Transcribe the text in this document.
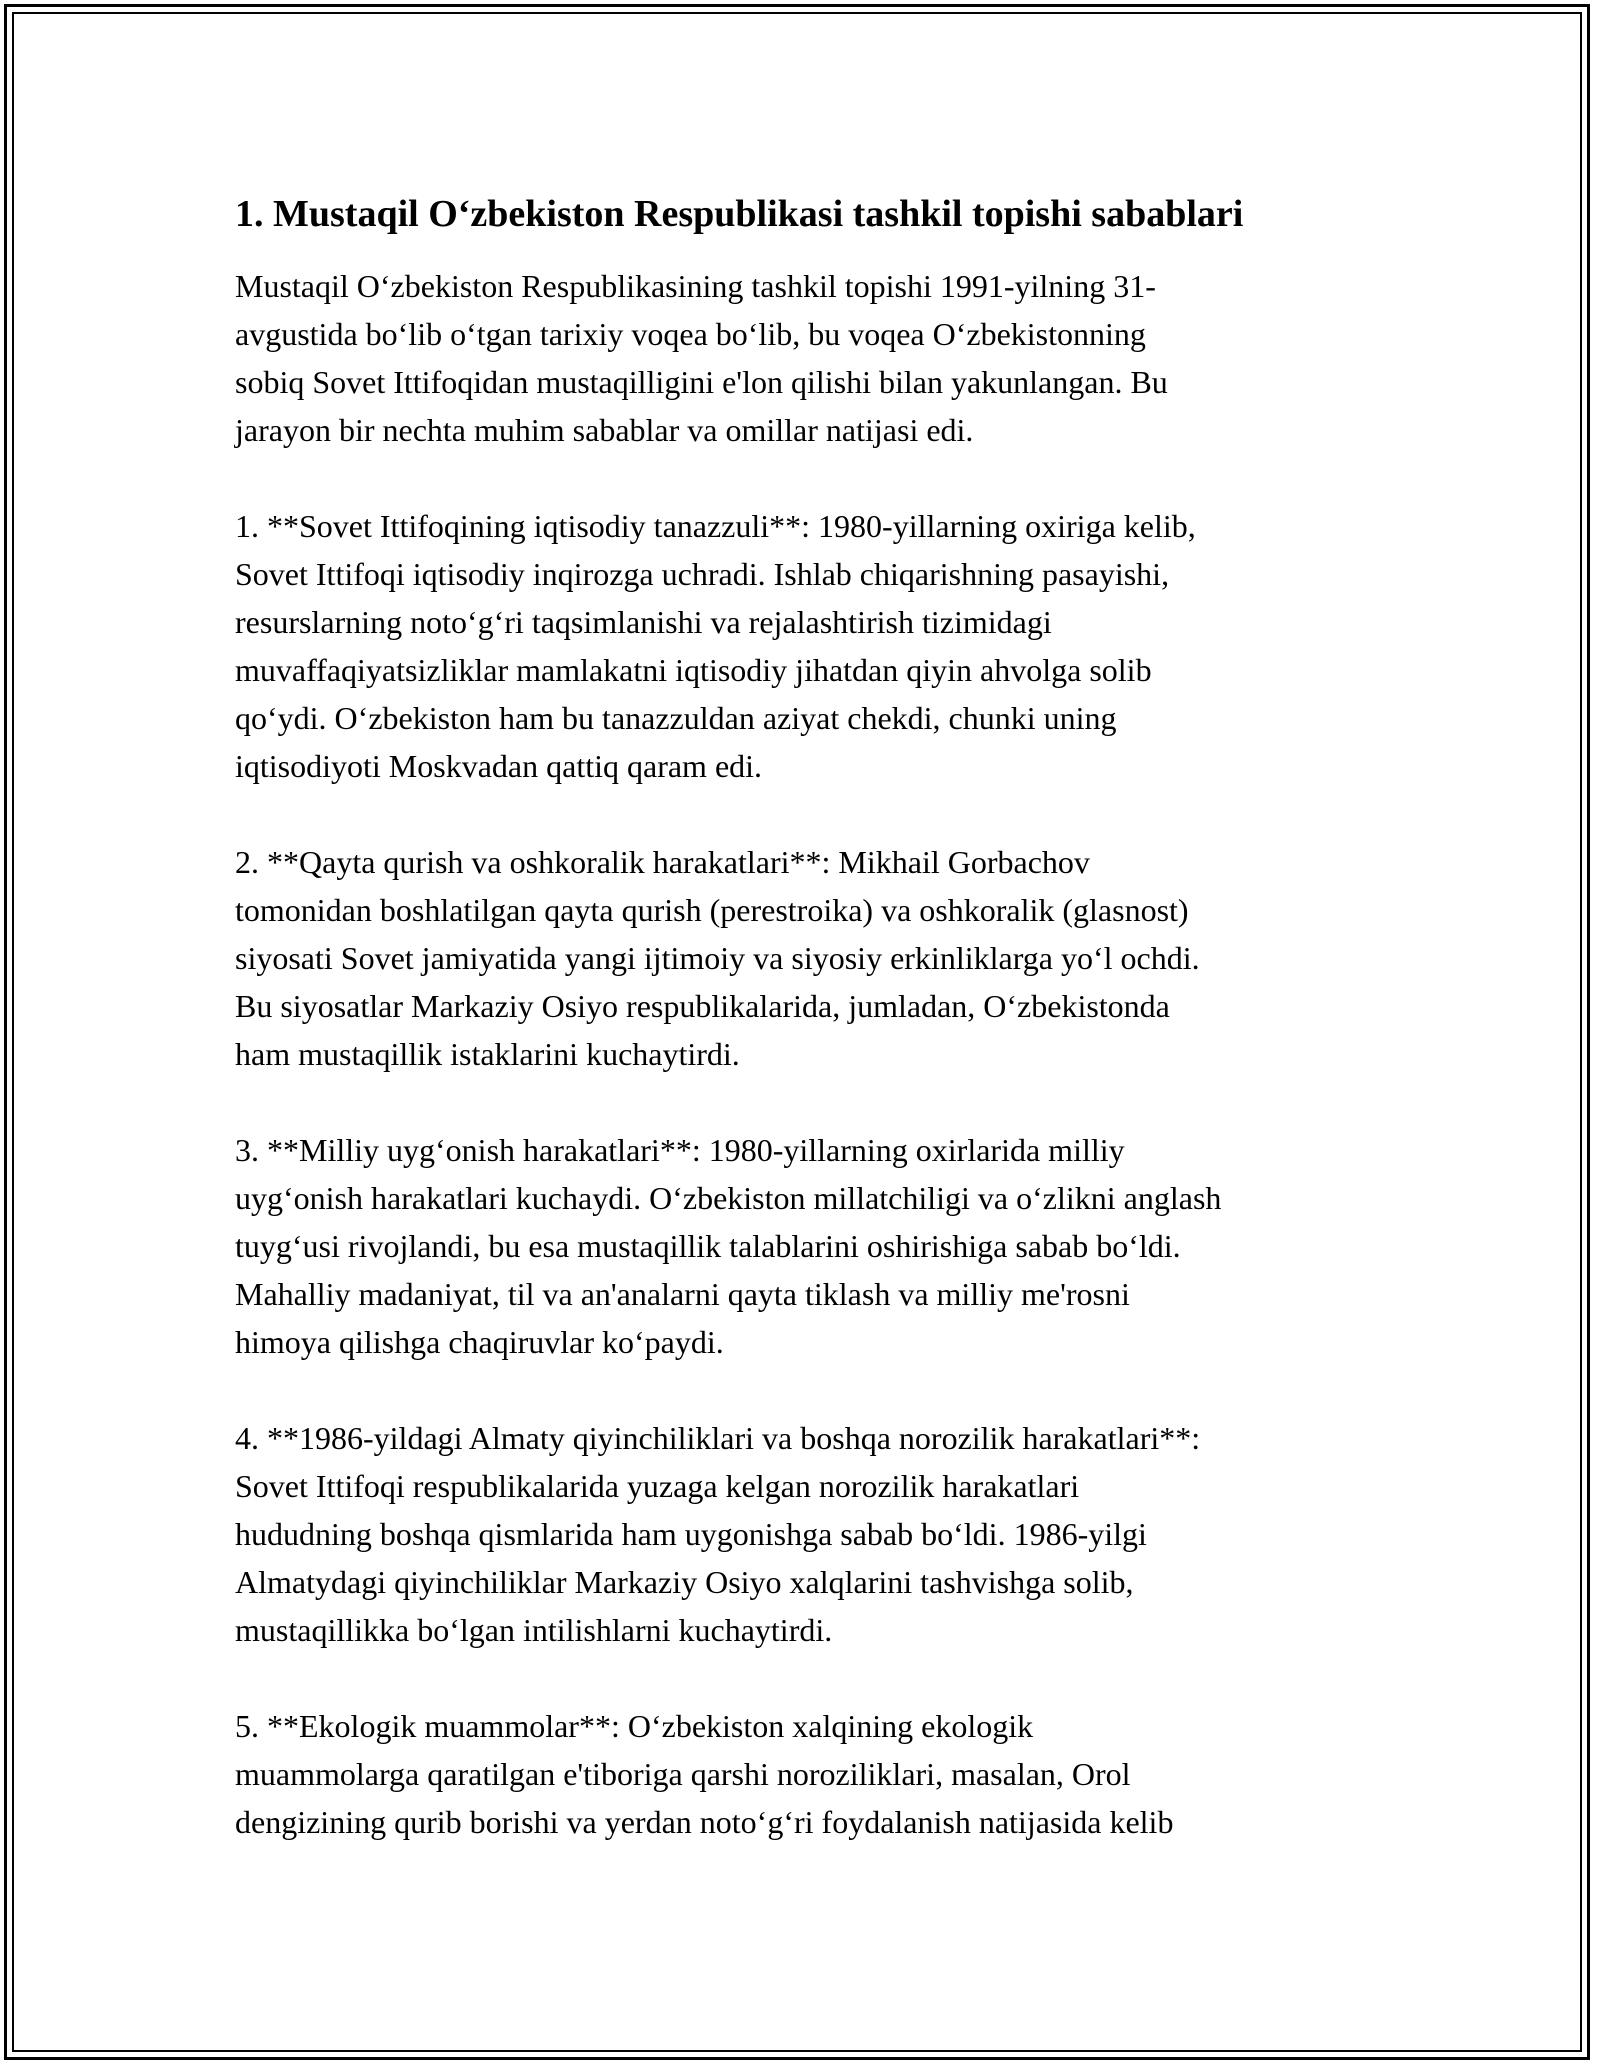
1. Mustaqil O‘zbekiston Respublikasi tashkil topishi sabablari

Mustaqil O‘zbekiston Respublikasining tashkil topishi 1991-yilning 31-
avgustida bo‘lib o‘tgan tarixiy voqea bo‘lib, bu voqea O‘zbekistonning
sobiq Sovet Ittifoqidan mustaqilligini e'lon qilishi bilan yakunlangan. Bu
jarayon bir nechta muhim sabablar va omillar natijasi edi.

1. **Sovet Ittifoqining iqtisodiy tanazzuli**: 1980-yillarning oxiriga kelib,
Sovet Ittifoqi iqtisodiy inqirozga uchradi. Ishlab chiqarishning pasayishi,
resurslarning noto‘g‘ri taqsimlanishi va rejalashtirish tizimidagi
muvaffaqiyatsizliklar mamlakatni iqtisodiy jihatdan qiyin ahvolga solib
qo‘ydi. O‘zbekiston ham bu tanazzuldan aziyat chekdi, chunki uning
iqtisodiyoti Moskvadan qattiq qaram edi.

2. **Qayta qurish va oshkoralik harakatlari**: Mikhail Gorbachov
tomonidan boshlatilgan qayta qurish (perestroika) va oshkoralik (glasnost)
siyosati Sovet jamiyatida yangi ijtimoiy va siyosiy erkinliklarga yo‘l ochdi.
Bu siyosatlar Markaziy Osiyo respublikalarida, jumladan, O‘zbekistonda
ham mustaqillik istaklarini kuchaytirdi.

3. **Milliy uyg‘onish harakatlari**: 1980-yillarning oxirlarida milliy
uyg‘onish harakatlari kuchaydi. O‘zbekiston millatchiligi va o‘zlikni anglash
tuyg‘usi rivojlandi, bu esa mustaqillik talablarini oshirishiga sabab bo‘ldi.
Mahalliy madaniyat, til va an'analarni qayta tiklash va milliy me'rosni
himoya qilishga chaqiruvlar ko‘paydi.

4. **1986-yildagi Almaty qiyinchiliklari va boshqa norozilik harakatlari**:
Sovet Ittifoqi respublikalarida yuzaga kelgan norozilik harakatlari
hududning boshqa qismlarida ham uygonishga sabab bo‘ldi. 1986-yilgi
Almatydagi qiyinchiliklar Markaziy Osiyo xalqlarini tashvishga solib,
mustaqillikka bo‘lgan intilishlarni kuchaytirdi.

5. **Ekologik muammolar**: O‘zbekiston xalqining ekologik
muammolarga qaratilgan e'tiboriga qarshi noroziliklari, masalan, Orol
dengizining qurib borishi va yerdan noto‘g‘ri foydalanish natijasida kelib
